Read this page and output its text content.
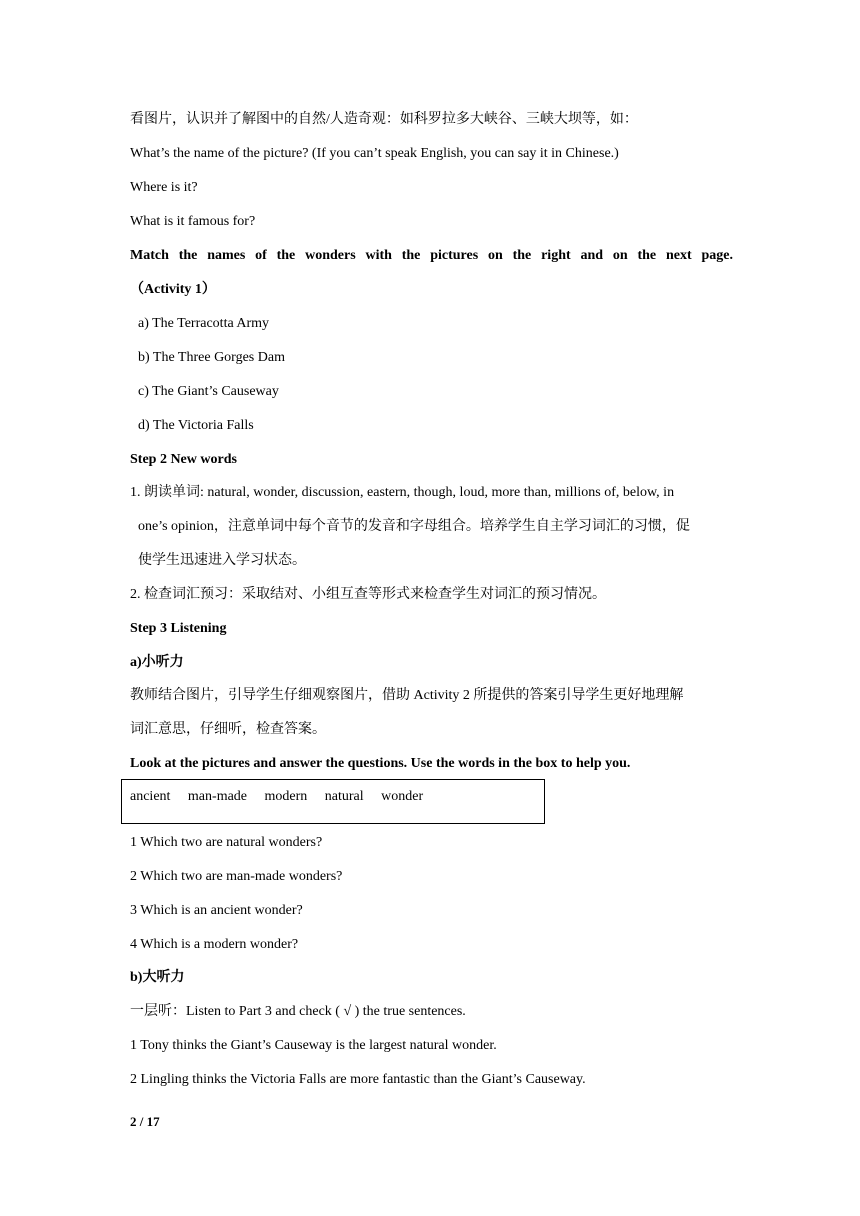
看图片，认识并了解图中的自然/人造奇观：如科罗拉多大峡谷、三峡大坝等，如：
What’s the name of the picture? (If you can’t speak English, you can say it in Chinese.)
Where is it?
What is it famous for?
Match the names of the wonders with the pictures on the right and on the next page.
（Activity 1）
a) The Terracotta Army
b) The Three Gorges Dam
c) The Giant’s Causeway
d) The Victoria Falls
Step 2 New words
1. 朗读单词: natural, wonder, discussion, eastern, though, loud, more than, millions of, below, in
one’s opinion，注意单词中每个音节的发音和字母组合。培养学生自主学习词汇的习惯，促
使学生迅速进入学习状态。
2. 检查词汇预习：采取结对、小组互查等形式来检查学生对词汇的预习情况。
Step 3 Listening
a)小听力
教师结合图片，引导学生仔细观察图片，借助 Activity 2 所提供的答案引导学生更好地理解
词汇意思，仔细听，检查答案。
Look at the pictures and answer the questions. Use the words in the box to help you.
ancient man-made modern natural wonder
1 Which two are natural wonders?
2 Which two are man-made wonders?
3 Which is an ancient wonder?
4 Which is a modern wonder?
b)大听力
一层听：Listen to Part 3 and check ( √ ) the true sentences.
1 Tony thinks the Giant’s Causeway is the largest natural wonder.
2 Lingling thinks the Victoria Falls are more fantastic than the Giant’s Causeway.
2 / 17
